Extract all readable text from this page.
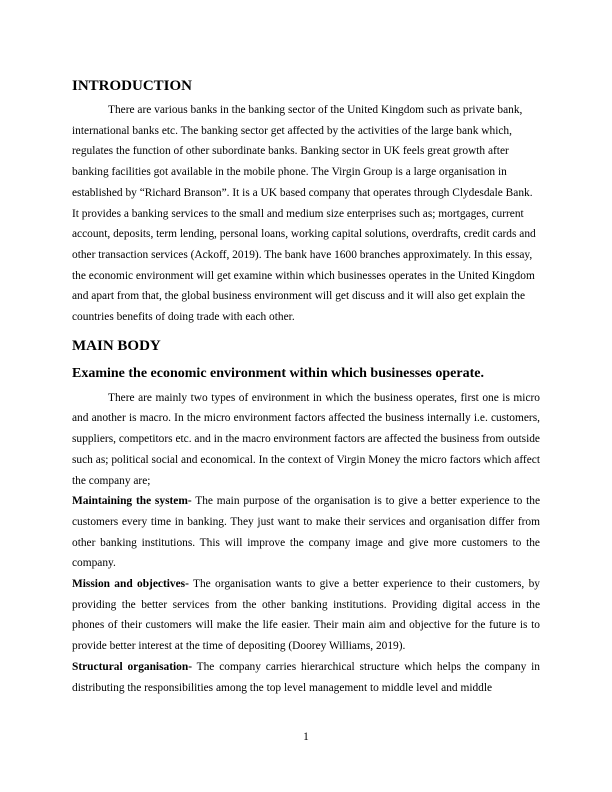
INTRODUCTION

There are various banks in the banking sector of the United Kingdom such as private bank, international banks etc. The banking sector get affected by the activities of the large bank which, regulates the function of other subordinate banks. Banking sector in UK feels great growth after banking facilities got available in the mobile phone. The Virgin Group is a large organisation in established by “Richard Branson”. It is a UK based company that operates through Clydesdale Bank. It provides a banking services to the small and medium size enterprises such as; mortgages, current account, deposits, term lending, personal loans, working capital solutions, overdrafts, credit cards and other transaction services (Ackoff, 2019). The bank have 1600 branches approximately. In this essay, the economic environment will get examine within which businesses operates in the United Kingdom and apart from that, the global business environment will get discuss and it will also get explain the countries benefits of doing trade with each other.

MAIN BODY
Examine the economic environment within which businesses operate.

There are mainly two types of environment in which the business operates, first one is micro and another is macro. In the micro environment factors affected the business internally i.e. customers, suppliers, competitors etc. and in the macro environment factors are affected the business from outside such as; political social and economical. In the context of Virgin Money the micro factors which affect the company are;

Maintaining the system- The main purpose of the organisation is to give a better experience to the customers every time in banking. They just want to make their services and organisation differ from other banking institutions. This will improve the company image and give more customers to the company.

Mission and objectives- The organisation wants to give a better experience to their customers, by providing the better services from the other banking institutions. Providing digital access in the phones of their customers will make the life easier. Their main aim and objective for the future is to provide better interest at the time of depositing (Doorey Williams, 2019).

Structural organisation- The company carries hierarchical structure which helps the company in distributing the responsibilities among the top level management to middle level and middle

1
